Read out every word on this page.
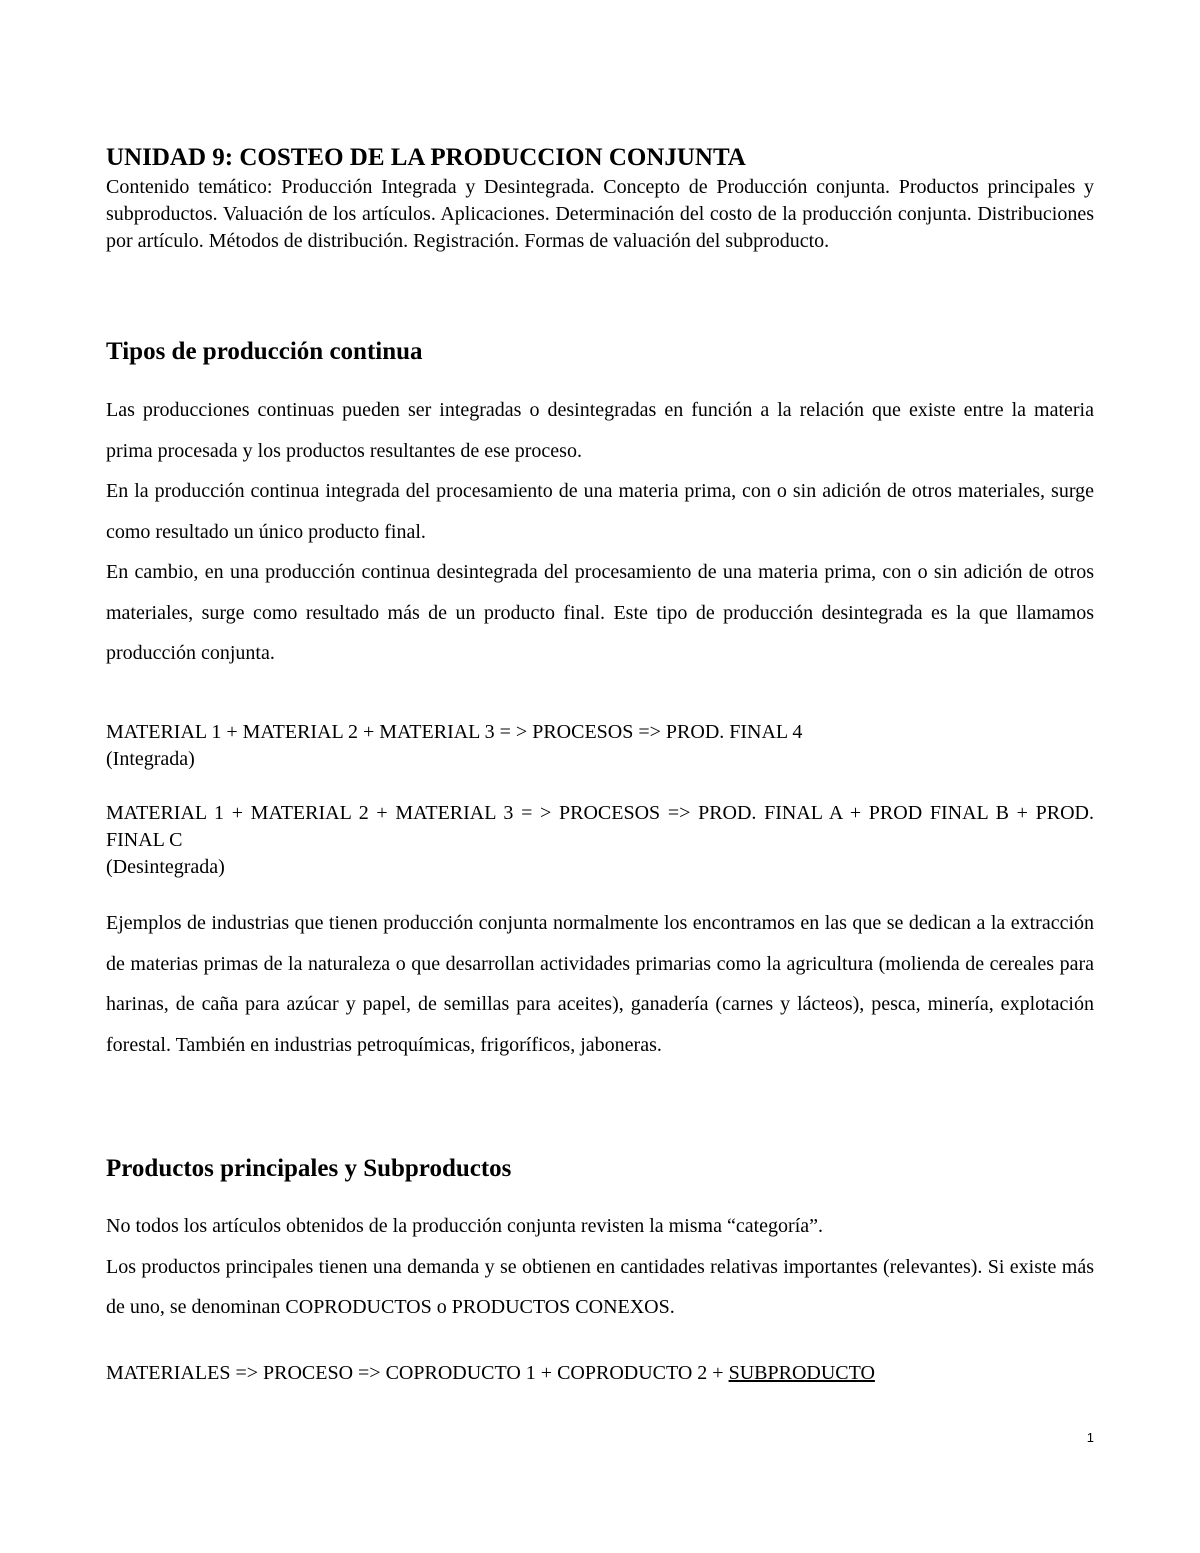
UNIDAD 9: COSTEO DE LA PRODUCCION CONJUNTA
Contenido temático: Producción Integrada y Desintegrada. Concepto de Producción conjunta. Productos principales y subproductos. Valuación de los artículos. Aplicaciones. Determinación del costo de la producción conjunta. Distribuciones por artículo. Métodos de distribución. Registración. Formas de valuación del subproducto.
Tipos de producción continua

Las producciones continuas pueden ser integradas o desintegradas en función a la relación que existe entre la materia prima procesada y los productos resultantes de ese proceso.

En la producción continua integrada del procesamiento de una materia prima, con o sin adición de otros materiales, surge como resultado un único producto final.

En cambio, en una producción continua desintegrada del procesamiento de una materia prima, con o sin adición de otros materiales, surge como resultado más de un producto final. Este tipo de producción desintegrada es la que llamamos producción conjunta.

MATERIAL 1 + MATERIAL 2 + MATERIAL 3 = > PROCESOS => PROD. FINAL 4

(Integrada)

MATERIAL 1 + MATERIAL 2 + MATERIAL 3 = > PROCESOS => PROD. FINAL A + PROD FINAL B + PROD. FINAL C

(Desintegrada)

Ejemplos de industrias que tienen producción conjunta normalmente los encontramos en las que se dedican a la extracción de materias primas de la naturaleza o que desarrollan actividades primarias como la agricultura (molienda de cereales para harinas, de caña para azúcar y papel, de semillas para aceites), ganadería (carnes y lácteos), pesca, minería, explotación forestal. También en industrias petroquímicas, frigoríficos, jaboneras.
Productos principales y Subproductos

No todos los artículos obtenidos de la producción conjunta revisten la misma “categoría”.

Los productos principales tienen una demanda y se obtienen en cantidades relativas importantes (relevantes). Si existe más de uno, se denominan COPRODUCTOS o PRODUCTOS CONEXOS.

MATERIALES => PROCESO => COPRODUCTO 1 + COPRODUCTO 2 + SUBPRODUCTO
1
